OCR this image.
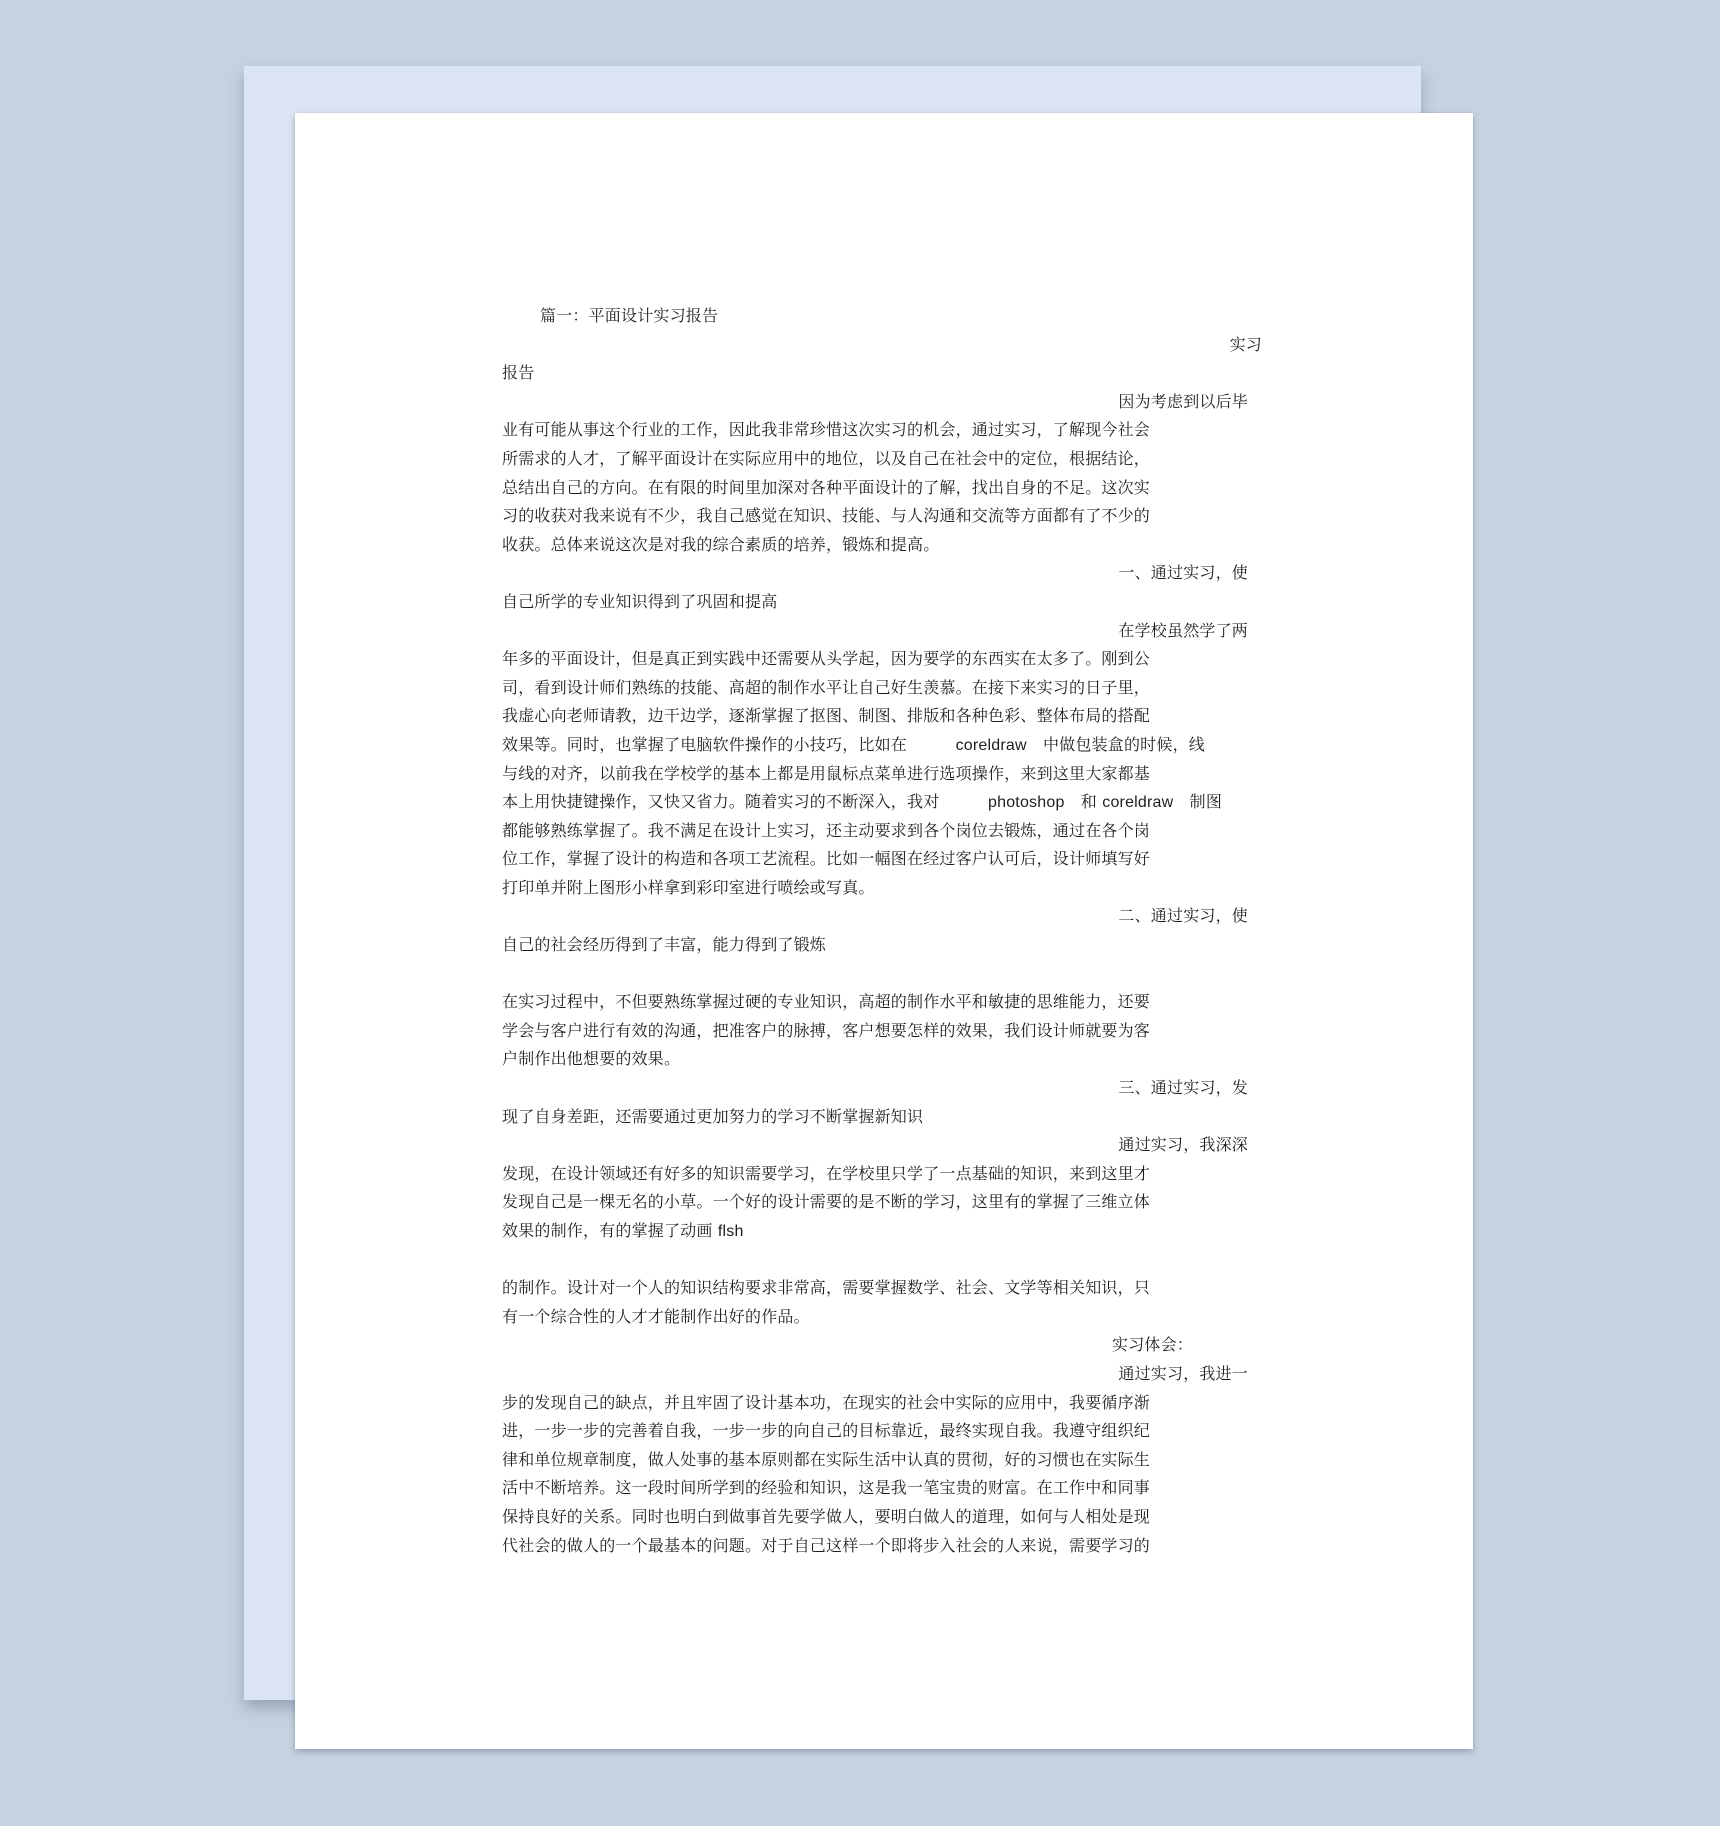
篇一：平面设计实习报告
实习
报告
因为考虑到以后毕
业有可能从事这个行业的工作，因此我非常珍惜这次实习的机会，通过实习，了解现今社会
所需求的人才，了解平面设计在实际应用中的地位，以及自己在社会中的定位，根据结论，
总结出自己的方向。在有限的时间里加深对各种平面设计的了解，找出自身的不足。这次实
习的收获对我来说有不少，我自己感觉在知识、技能、与人沟通和交流等方面都有了不少的
收获。总体来说这次是对我的综合素质的培养，锻炼和提高。
一、通过实习，使
自己所学的专业知识得到了巩固和提高
在学校虽然学了两
年多的平面设计，但是真正到实践中还需要从头学起，因为要学的东西实在太多了。刚到公
司，看到设计师们熟练的技能、高超的制作水平让自己好生羡慕。在接下来实习的日子里，
我虚心向老师请教，边干边学，逐渐掌握了抠图、制图、排版和各种色彩、整体布局的搭配
效果等。同时，也掌握了电脑软件操作的小技巧，比如在　　　coreldraw　中做包装盒的时候，线
与线的对齐，以前我在学校学的基本上都是用鼠标点菜单进行选项操作，来到这里大家都基
本上用快捷键操作，又快又省力。随着实习的不断深入，我对　　　photoshop　和 coreldraw　制图
都能够熟练掌握了。我不满足在设计上实习，还主动要求到各个岗位去锻炼，通过在各个岗
位工作，掌握了设计的构造和各项工艺流程。比如一幅图在经过客户认可后，设计师填写好
打印单并附上图形小样拿到彩印室进行喷绘或写真。
二、通过实习，使
自己的社会经历得到了丰富，能力得到了锻炼
在实习过程中，不但要熟练掌握过硬的专业知识，高超的制作水平和敏捷的思维能力，还要
学会与客户进行有效的沟通，把准客户的脉搏，客户想要怎样的效果，我们设计师就要为客
户制作出他想要的效果。
三、通过实习，发
现了自身差距，还需要通过更加努力的学习不断掌握新知识
通过实习，我深深
发现，在设计领域还有好多的知识需要学习，在学校里只学了一点基础的知识，来到这里才
发现自己是一棵无名的小草。一个好的设计需要的是不断的学习，这里有的掌握了三维立体
效果的制作，有的掌握了动画 flsh
的制作。设计对一个人的知识结构要求非常高，需要掌握数学、社会、文学等相关知识，只
有一个综合性的人才才能制作出好的作品。
实习体会：
通过实习，我进一
步的发现自己的缺点，并且牢固了设计基本功，在现实的社会中实际的应用中，我要循序渐
进，一步一步的完善着自我，一步一步的向自己的目标靠近，最终实现自我。我遵守组织纪
律和单位规章制度，做人处事的基本原则都在实际生活中认真的贯彻，好的习惯也在实际生
活中不断培养。这一段时间所学到的经验和知识，这是我一笔宝贵的财富。在工作中和同事
保持良好的关系。同时也明白到做事首先要学做人，要明白做人的道理，如何与人相处是现
代社会的做人的一个最基本的问题。对于自己这样一个即将步入社会的人来说，需要学习的
